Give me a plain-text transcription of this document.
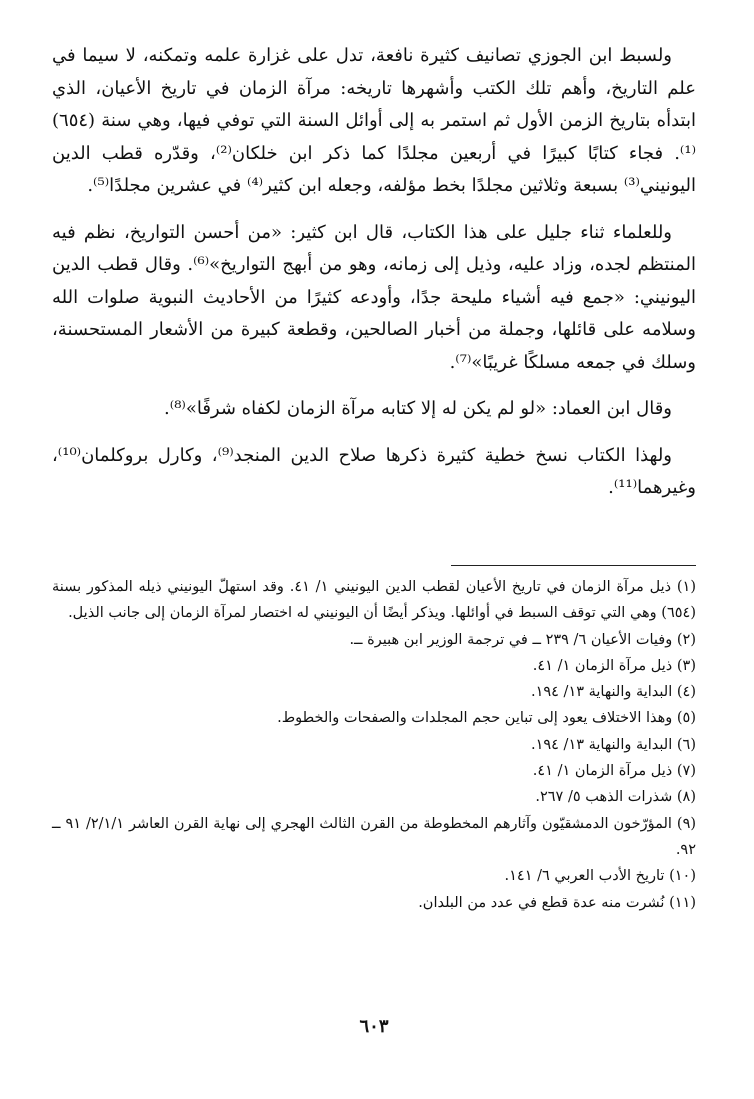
ولسبط ابن الجوزي تصانيف كثيرة نافعة، تدل على غزارة علمه وتمكنه، لا سيما في علم التاريخ، وأهم تلك الكتب وأشهرها تاريخه: مرآة الزمان في تاريخ الأعيان، الذي ابتدأه بتاريخ الزمن الأول ثم استمر به إلى أوائل السنة التي توفي فيها، وهي سنة (٦٥٤)⁽¹⁾. فجاء كتابًا كبيرًا في أربعين مجلدًا كما ذكر ابن خلكان⁽²⁾، وقدّره قطب الدين اليونيني⁽³⁾ بسبعة وثلاثين مجلدًا بخط مؤلفه، وجعله ابن كثير⁽⁴⁾ في عشرين مجلدًا⁽⁵⁾.

وللعلماء ثناء جليل على هذا الكتاب، قال ابن كثير: «من أحسن التواريخ، نظم فيه المنتظم لجده، وزاد عليه، وذيل إلى زمانه، وهو من أبهج التواريخ»⁽⁶⁾. وقال قطب الدين اليونيني: «جمع فيه أشياء مليحة جدًا، وأودعه كثيرًا من الأحاديث النبوية صلوات الله وسلامه على قائلها، وجملة من أخبار الصالحين، وقطعة كبيرة من الأشعار المستحسنة، وسلك في جمعه مسلكًا غريبًا»⁽⁷⁾.

وقال ابن العماد: «لو لم يكن له إلا كتابه مرآة الزمان لكفاه شرفًا»⁽⁸⁾.

ولهذا الكتاب نسخ خطية كثيرة ذكرها صلاح الدين المنجد⁽⁹⁾، وكارل بروكلمان⁽¹⁰⁾، وغيرهما⁽¹¹⁾.

(١) ذيل مرآة الزمان في تاريخ الأعيان لقطب الدين اليونيني ١/ ٤١. وقد استهلّ اليونيني ذيله المذكور بسنة (٦٥٤) وهي التي توقف السبط في أوائلها. ويذكر أيضًا أن اليونيني له اختصار لمرآة الزمان إلى جانب الذيل.

(٢) وفيات الأعيان ٦/ ٢٣٩ ــ في ترجمة الوزير ابن هبيرة ــ.

(٣) ذيل مرآة الزمان ١/ ٤١.

(٤) البداية والنهاية ١٣/ ١٩٤.

(٥) وهذا الاختلاف يعود إلى تباين حجم المجلدات والصفحات والخطوط.

(٦) البداية والنهاية ١٣/ ١٩٤.

(٧) ذيل مرآة الزمان ١/ ٤١.

(٨) شذرات الذهب ٥/ ٢٦٧.

(٩) المؤرّخون الدمشقيّون وآثارهم المخطوطة من القرن الثالث الهجري إلى نهاية القرن العاشر ٢/١/١/ ٩١ ــ ٩٢.

(١٠) تاريخ الأدب العربي ٦/ ١٤١.

(١١) نُشرت منه عدة قطع في عدد من البلدان.

٦٠٣
